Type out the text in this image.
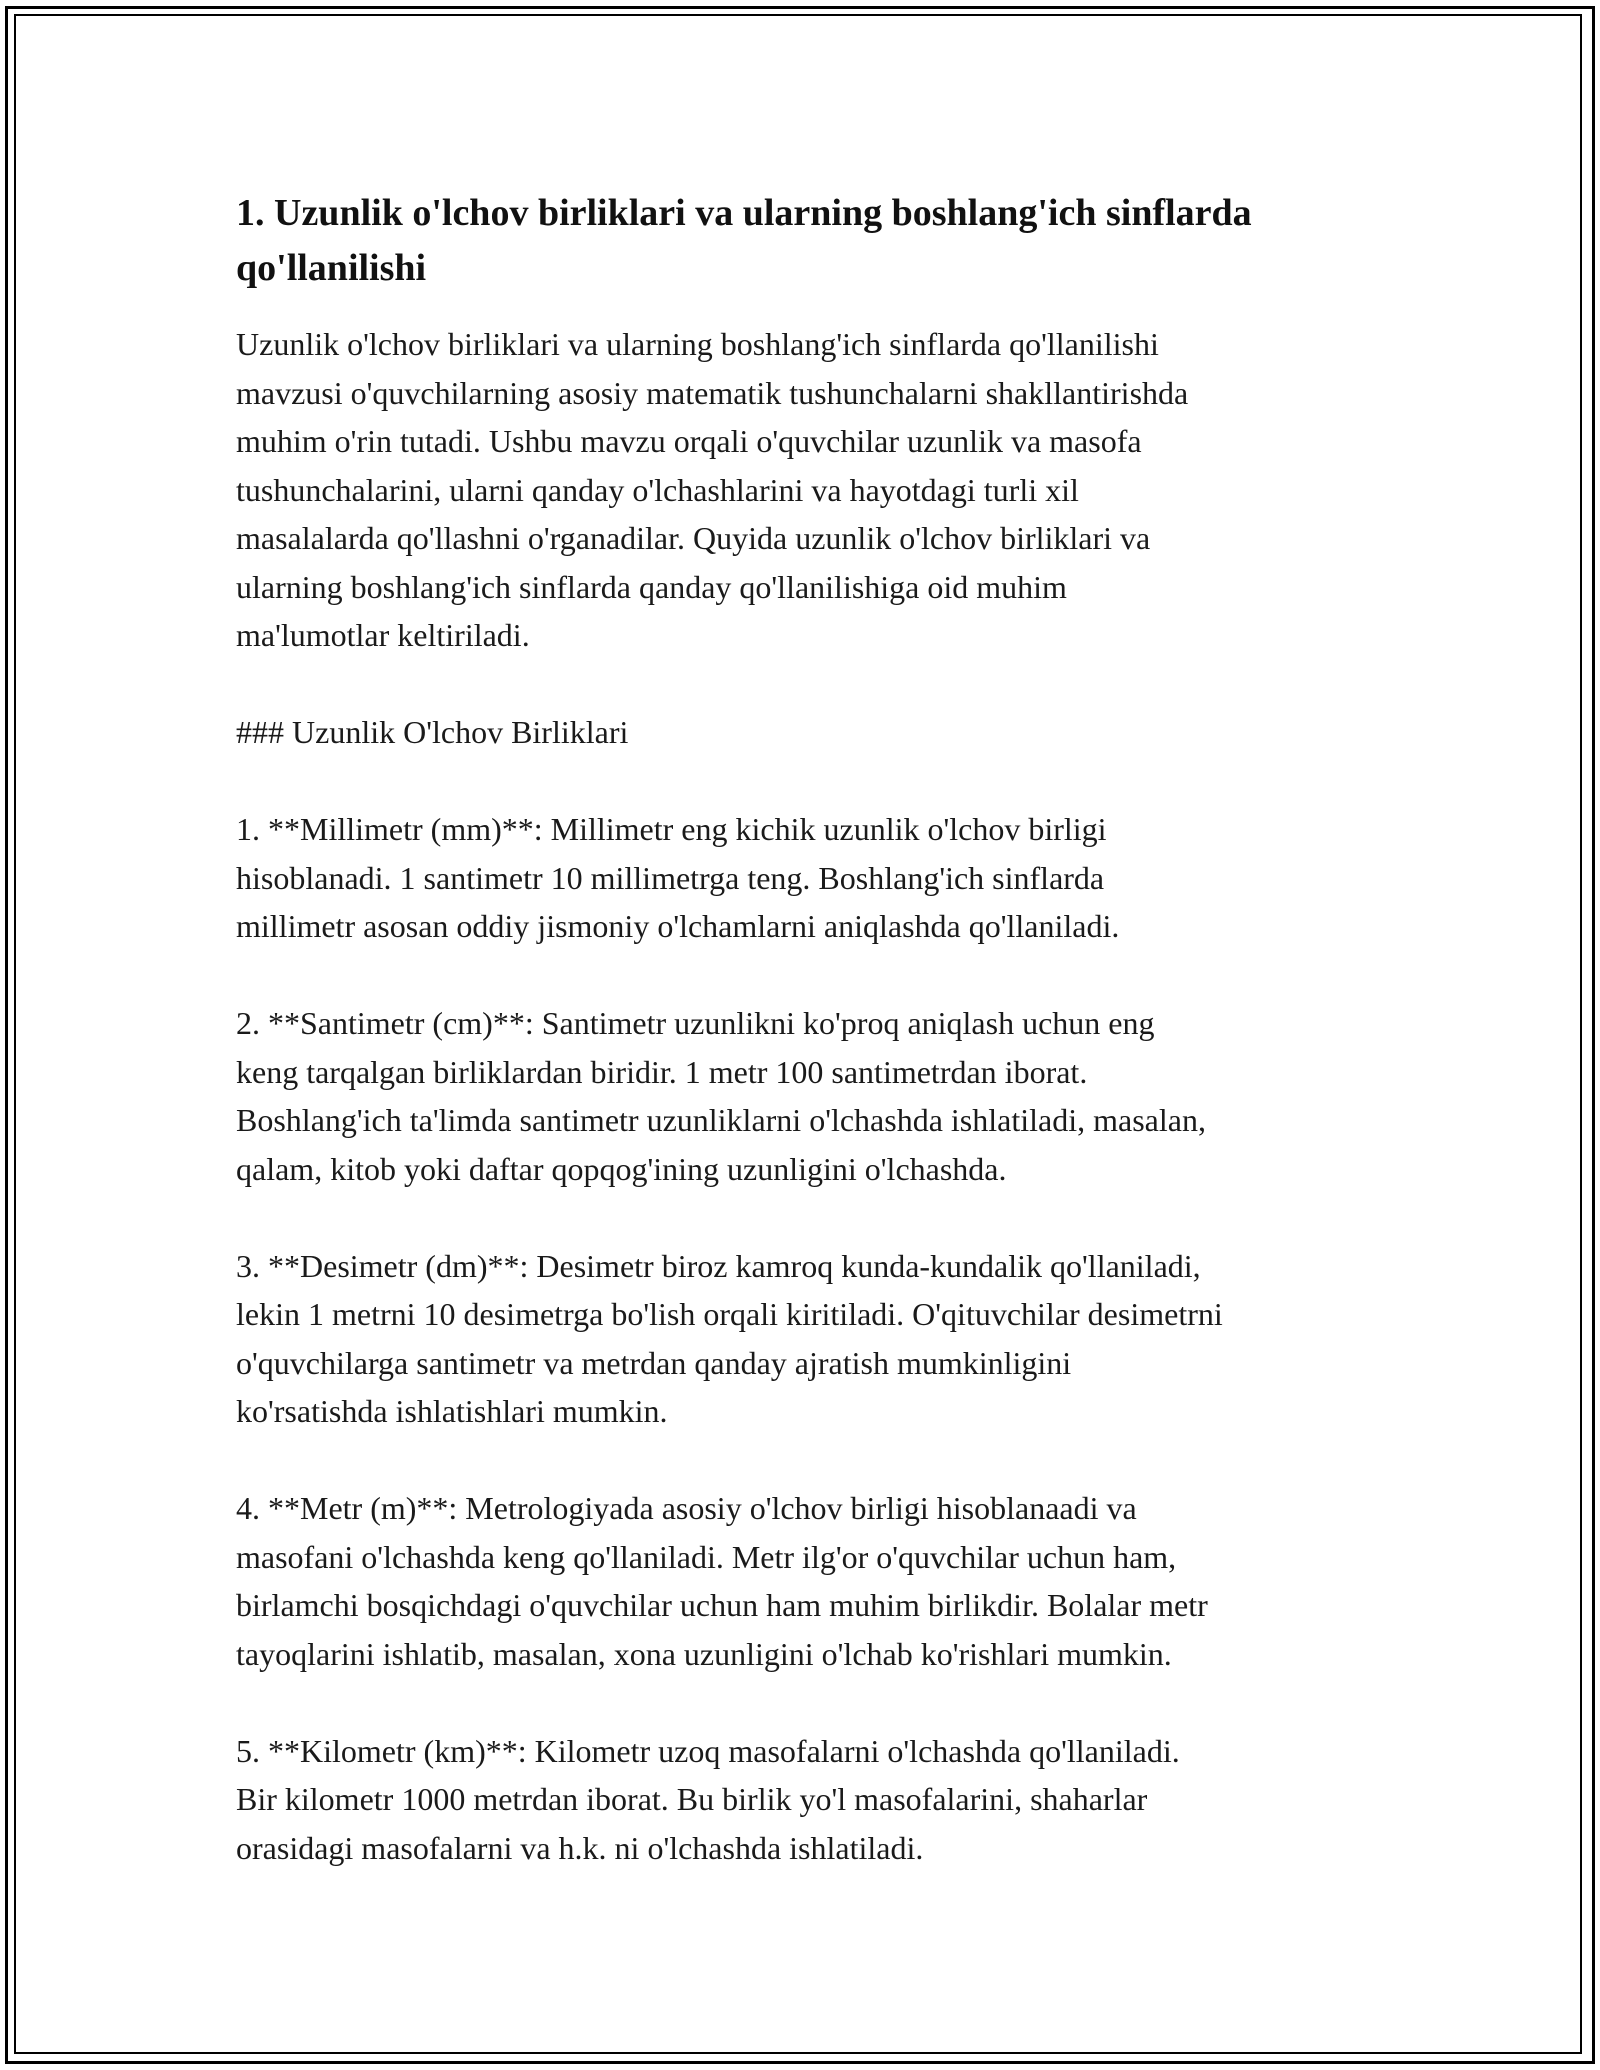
1. Uzunlik o'lchov birliklari va ularning boshlang'ich sinflarda
qo'llanilishi

Uzunlik o'lchov birliklari va ularning boshlang'ich sinflarda qo'llanilishi
mavzusi o'quvchilarning asosiy matematik tushunchalarni shakllantirishda
muhim o'rin tutadi. Ushbu mavzu orqali o'quvchilar uzunlik va masofa
tushunchalarini, ularni qanday o'lchashlarini va hayotdagi turli xil
masalalarda qo'llashni o'rganadilar. Quyida uzunlik o'lchov birliklari va
ularning boshlang'ich sinflarda qanday qo'llanilishiga oid muhim
ma'lumotlar keltiriladi.

### Uzunlik O'lchov Birliklari

1. **Millimetr (mm)**: Millimetr eng kichik uzunlik o'lchov birligi
hisoblanadi. 1 santimetr 10 millimetrga teng. Boshlang'ich sinflarda
millimetr asosan oddiy jismoniy o'lchamlarni aniqlashda qo'llaniladi.

2. **Santimetr (cm)**: Santimetr uzunlikni ko'proq aniqlash uchun eng
keng tarqalgan birliklardan biridir. 1 metr 100 santimetrdan iborat.
Boshlang'ich ta'limda santimetr uzunliklarni o'lchashda ishlatiladi, masalan,
qalam, kitob yoki daftar qopqog'ining uzunligini o'lchashda.

3. **Desimetr (dm)**: Desimetr biroz kamroq kunda-kundalik qo'llaniladi,
lekin 1 metrni 10 desimetrga bo'lish orqali kiritiladi. O'qituvchilar desimetrni
o'quvchilarga santimetr va metrdan qanday ajratish mumkinligini
ko'rsatishda ishlatishlari mumkin.

4. **Metr (m)**: Metrologiyada asosiy o'lchov birligi hisoblanaadi va
masofani o'lchashda keng qo'llaniladi. Metr ilg'or o'quvchilar uchun ham,
birlamchi bosqichdagi o'quvchilar uchun ham muhim birlikdir. Bolalar metr
tayoqlarini ishlatib, masalan, xona uzunligini o'lchab ko'rishlari mumkin.

5. **Kilometr (km)**: Kilometr uzoq masofalarni o'lchashda qo'llaniladi.
Bir kilometr 1000 metrdan iborat. Bu birlik yo'l masofalarini, shaharlar
orasidagi masofalarni va h.k. ni o'lchashda ishlatiladi.
